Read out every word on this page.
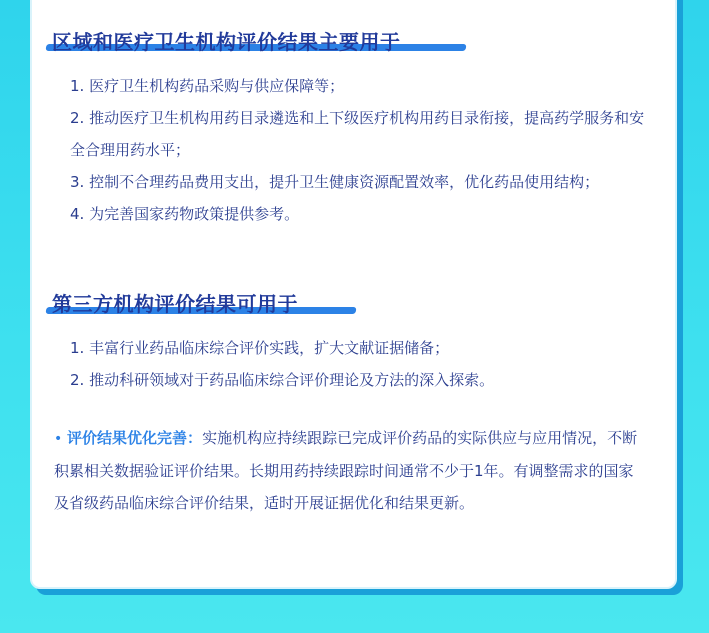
区域和医疗卫生机构评价结果主要用于
1. 医疗卫生机构药品采购与供应保障等；
2. 推动医疗卫生机构用药目录遴选和上下级医疗机构用药目录衔接，提高药学服务和安全合理用药水平；
3. 控制不合理药品费用支出，提升卫生健康资源配置效率，优化药品使用结构；
4. 为完善国家药物政策提供参考。
第三方机构评价结果可用于
1. 丰富行业药品临床综合评价实践，扩大文献证据储备；
2. 推动科研领域对于药品临床综合评价理论及方法的深入探索。

• 评价结果优化完善：实施机构应持续跟踪已完成评价药品的实际供应与应用情况，不断积累相关数据验证评价结果。长期用药持续跟踪时间通常不少于1年。有调整需求的国家及省级药品临床综合评价结果，适时开展证据优化和结果更新。
